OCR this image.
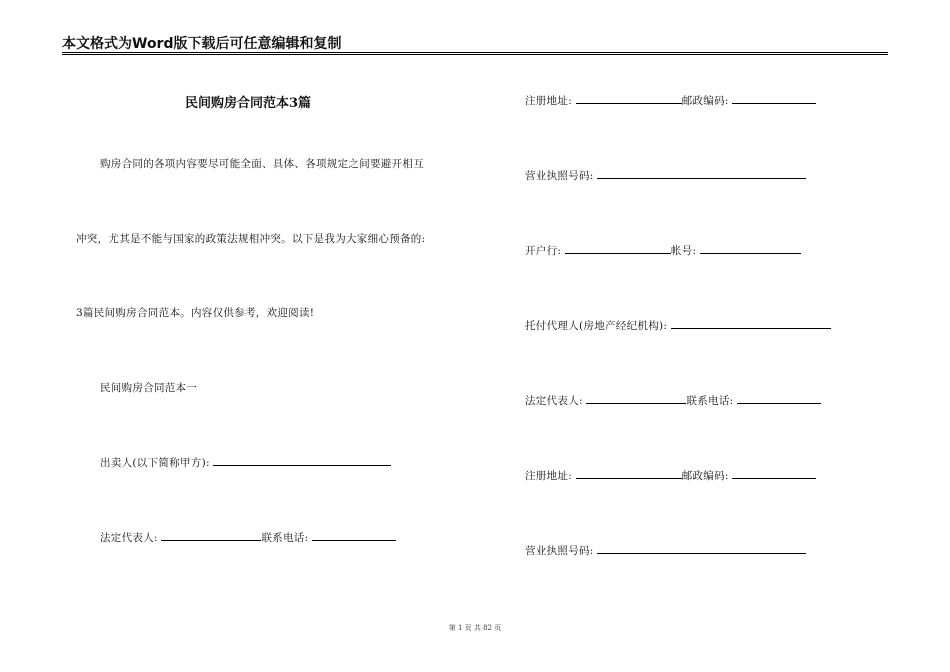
本文格式为Word版下载后可任意编辑和复制
民间购房合同范本3篇
购房合同的各项内容要尽可能全面、具体、各项规定之间要避开相互
冲突，尤其是不能与国家的政策法规相冲突。以下是我为大家细心预备的:
3篇民间购房合同范本。内容仅供参考，欢迎阅读!
民间购房合同范本一
出卖人(以下简称甲方):
法定代表人:	联系电话:
注册地址:	邮政编码:
营业执照号码:
开户行:	帐号:
托付代理人(房地产经纪机构):
法定代表人:	联系电话:
注册地址:	邮政编码:
营业执照号码:
第 1 页 共 82 页
